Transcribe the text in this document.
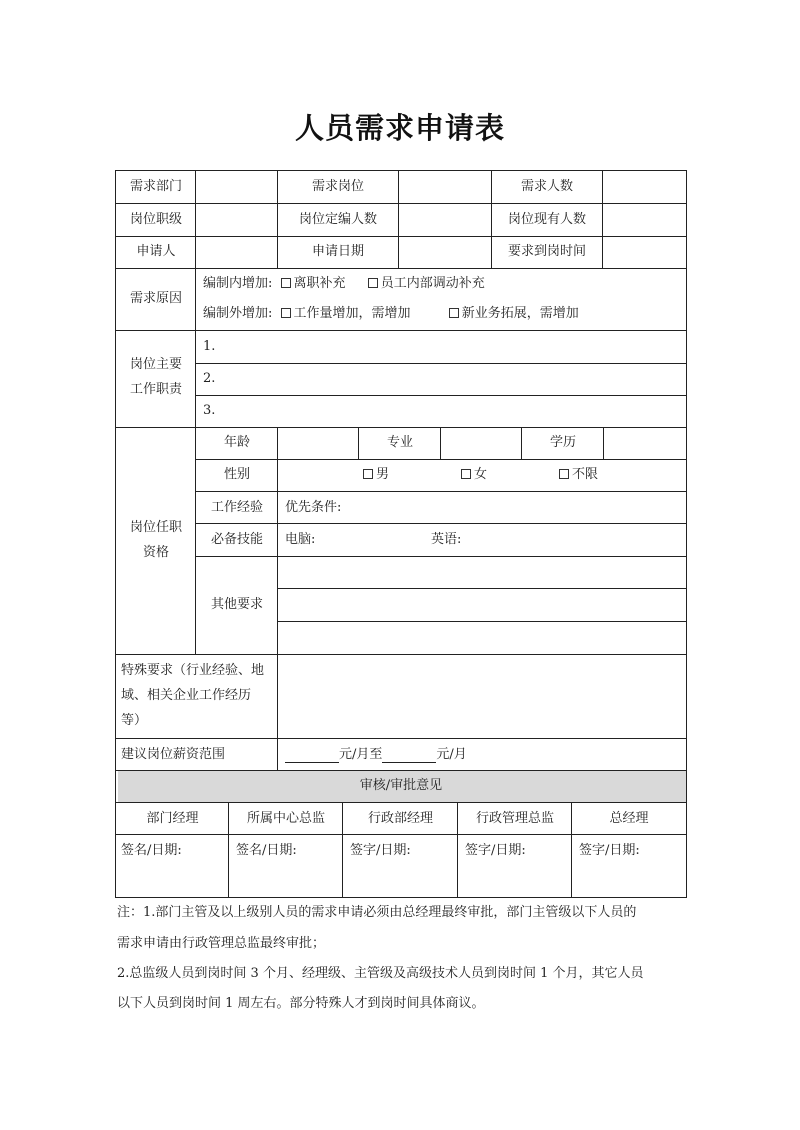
人员需求申请表
需求部门	需求岗位	需求人数
岗位职级	岗位定编人数	岗位现有人数
申请人	申请日期	要求到岗时间
需求原因
编制内增加: 离职补充	员工内部调动补充
编制外增加: 工作量增加，需增加	新业务拓展，需增加
岗位主要
工作职责
1.
2.
3.
岗位任职
资格
年龄	专业	学历
性别	男	女	不限
工作经验	优先条件:
必备技能	电脑:	英语:
其他要求
特殊要求（行业经验、地
域、相关企业工作经历
等）
建议岗位薪资范围	元/月至	元/月
审核/审批意见
部门经理	所属中心总监	行政部经理	行政管理总监	总经理
签名/日期:	签名/日期:	签字/日期:	签字/日期:	签字/日期:
注：1.部门主管及以上级别人员的需求申请必须由总经理最终审批，部门主管级以下人员的
需求申请由行政管理总监最终审批；
2.总监级人员到岗时间 3 个月、经理级、主管级及高级技术人员到岗时间 1 个月，其它人员
以下人员到岗时间 1 周左右。部分特殊人才到岗时间具体商议。
